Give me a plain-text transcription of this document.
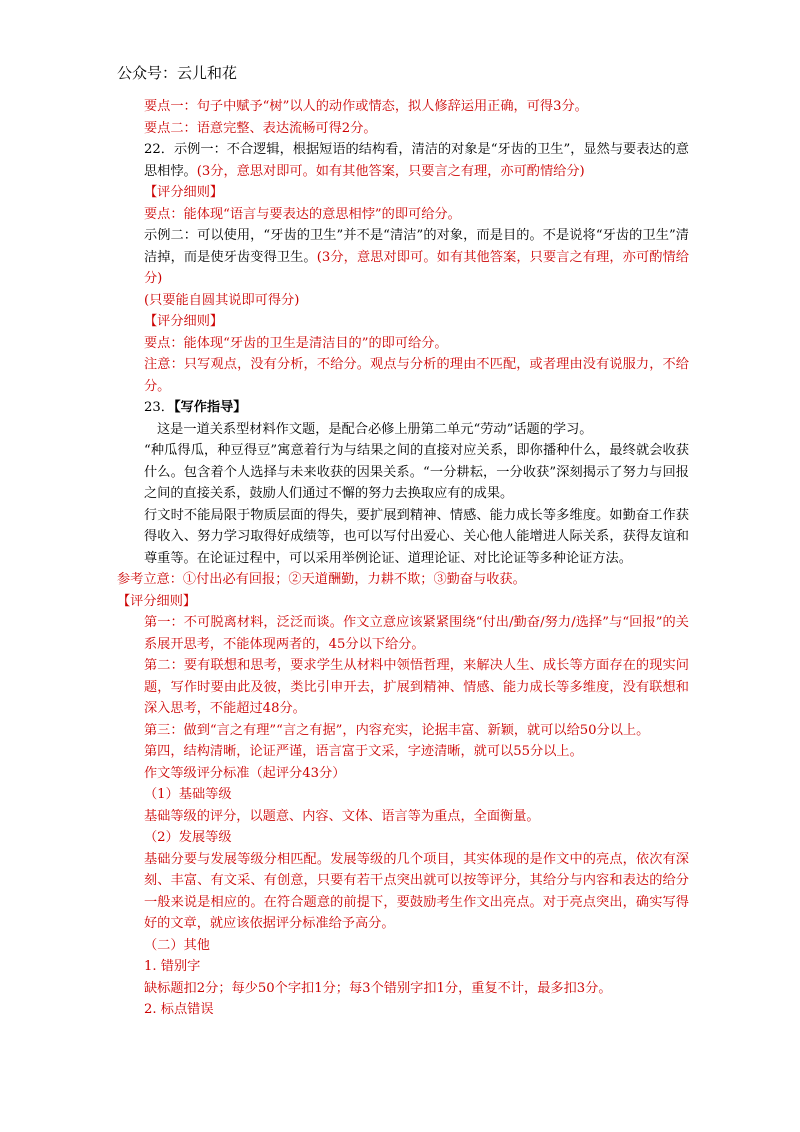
公众号：云儿和花

要点一：句子中赋予“树”以人的动作或情态，拟人修辞运用正确，可得3分。

要点二：语意完整、表达流畅可得2分。

22．示例一：不合逻辑，根据短语的结构看，清洁的对象是“牙齿的卫生”，显然与要表达的意思相悖。(3分，意思对即可。如有其他答案，只要言之有理，亦可酌情给分)

【评分细则】

要点：能体现“语言与要表达的意思相悖”的即可给分。

示例二：可以使用，“牙齿的卫生”并不是“清洁”的对象，而是目的。不是说将“牙齿的卫生”清洁掉，而是使牙齿变得卫生。(3分，意思对即可。如有其他答案，只要言之有理，亦可酌情给分)

(只要能自圆其说即可得分)

【评分细则】

要点：能体现“牙齿的卫生是清洁目的”的即可给分。

注意：只写观点，没有分析，不给分。观点与分析的理由不匹配，或者理由没有说服力，不给分。

23．【写作指导】

这是一道关系型材料作文题，是配合必修上册第二单元“劳动”话题的学习。

“种瓜得瓜，种豆得豆”寓意着行为与结果之间的直接对应关系，即你播种什么，最终就会收获什么。包含着个人选择与未来收获的因果关系。“一分耕耘，一分收获”深刻揭示了努力与回报之间的直接关系，鼓励人们通过不懈的努力去换取应有的成果。

行文时不能局限于物质层面的得失，要扩展到精神、情感、能力成长等多维度。如勤奋工作获得收入、努力学习取得好成绩等，也可以写付出爱心、关心他人能增进人际关系，获得友谊和尊重等。在论证过程中，可以采用举例论证、道理论证、对比论证等多种论证方法。

参考立意：①付出必有回报；②天道酬勤，力耕不欺；③勤奋与收获。

【评分细则】

第一：不可脱离材料，泛泛而谈。作文立意应该紧紧围绕“付出/勤奋/努力/选择”与“回报”的关系展开思考，不能体现两者的，45分以下给分。

第二：要有联想和思考，要求学生从材料中领悟哲理，来解决人生、成长等方面存在的现实问题，写作时要由此及彼，类比引申开去，扩展到精神、情感、能力成长等多维度，没有联想和深入思考，不能超过48分。

第三：做到“言之有理”“言之有据”，内容充实，论据丰富、新颖，就可以给50分以上。

第四，结构清晰，论证严谨，语言富于文采，字迹清晰，就可以55分以上。

作文等级评分标准（起评分43分）

（1）基础等级

基础等级的评分，以题意、内容、文体、语言等为重点，全面衡量。

（2）发展等级

基础分要与发展等级分相匹配。发展等级的几个项目，其实体现的是作文中的亮点，依次有深刻、丰富、有文采、有创意，只要有若干点突出就可以按等评分，其给分与内容和表达的给分一般来说是相应的。在符合题意的前提下，要鼓励考生作文出亮点。对于亮点突出，确实写得好的文章，就应该依据评分标准给予高分。

（二）其他

1. 错别字

缺标题扣2分；每少50个字扣1分；每3个错别字扣1分，重复不计，最多扣3分。

2. 标点错误
